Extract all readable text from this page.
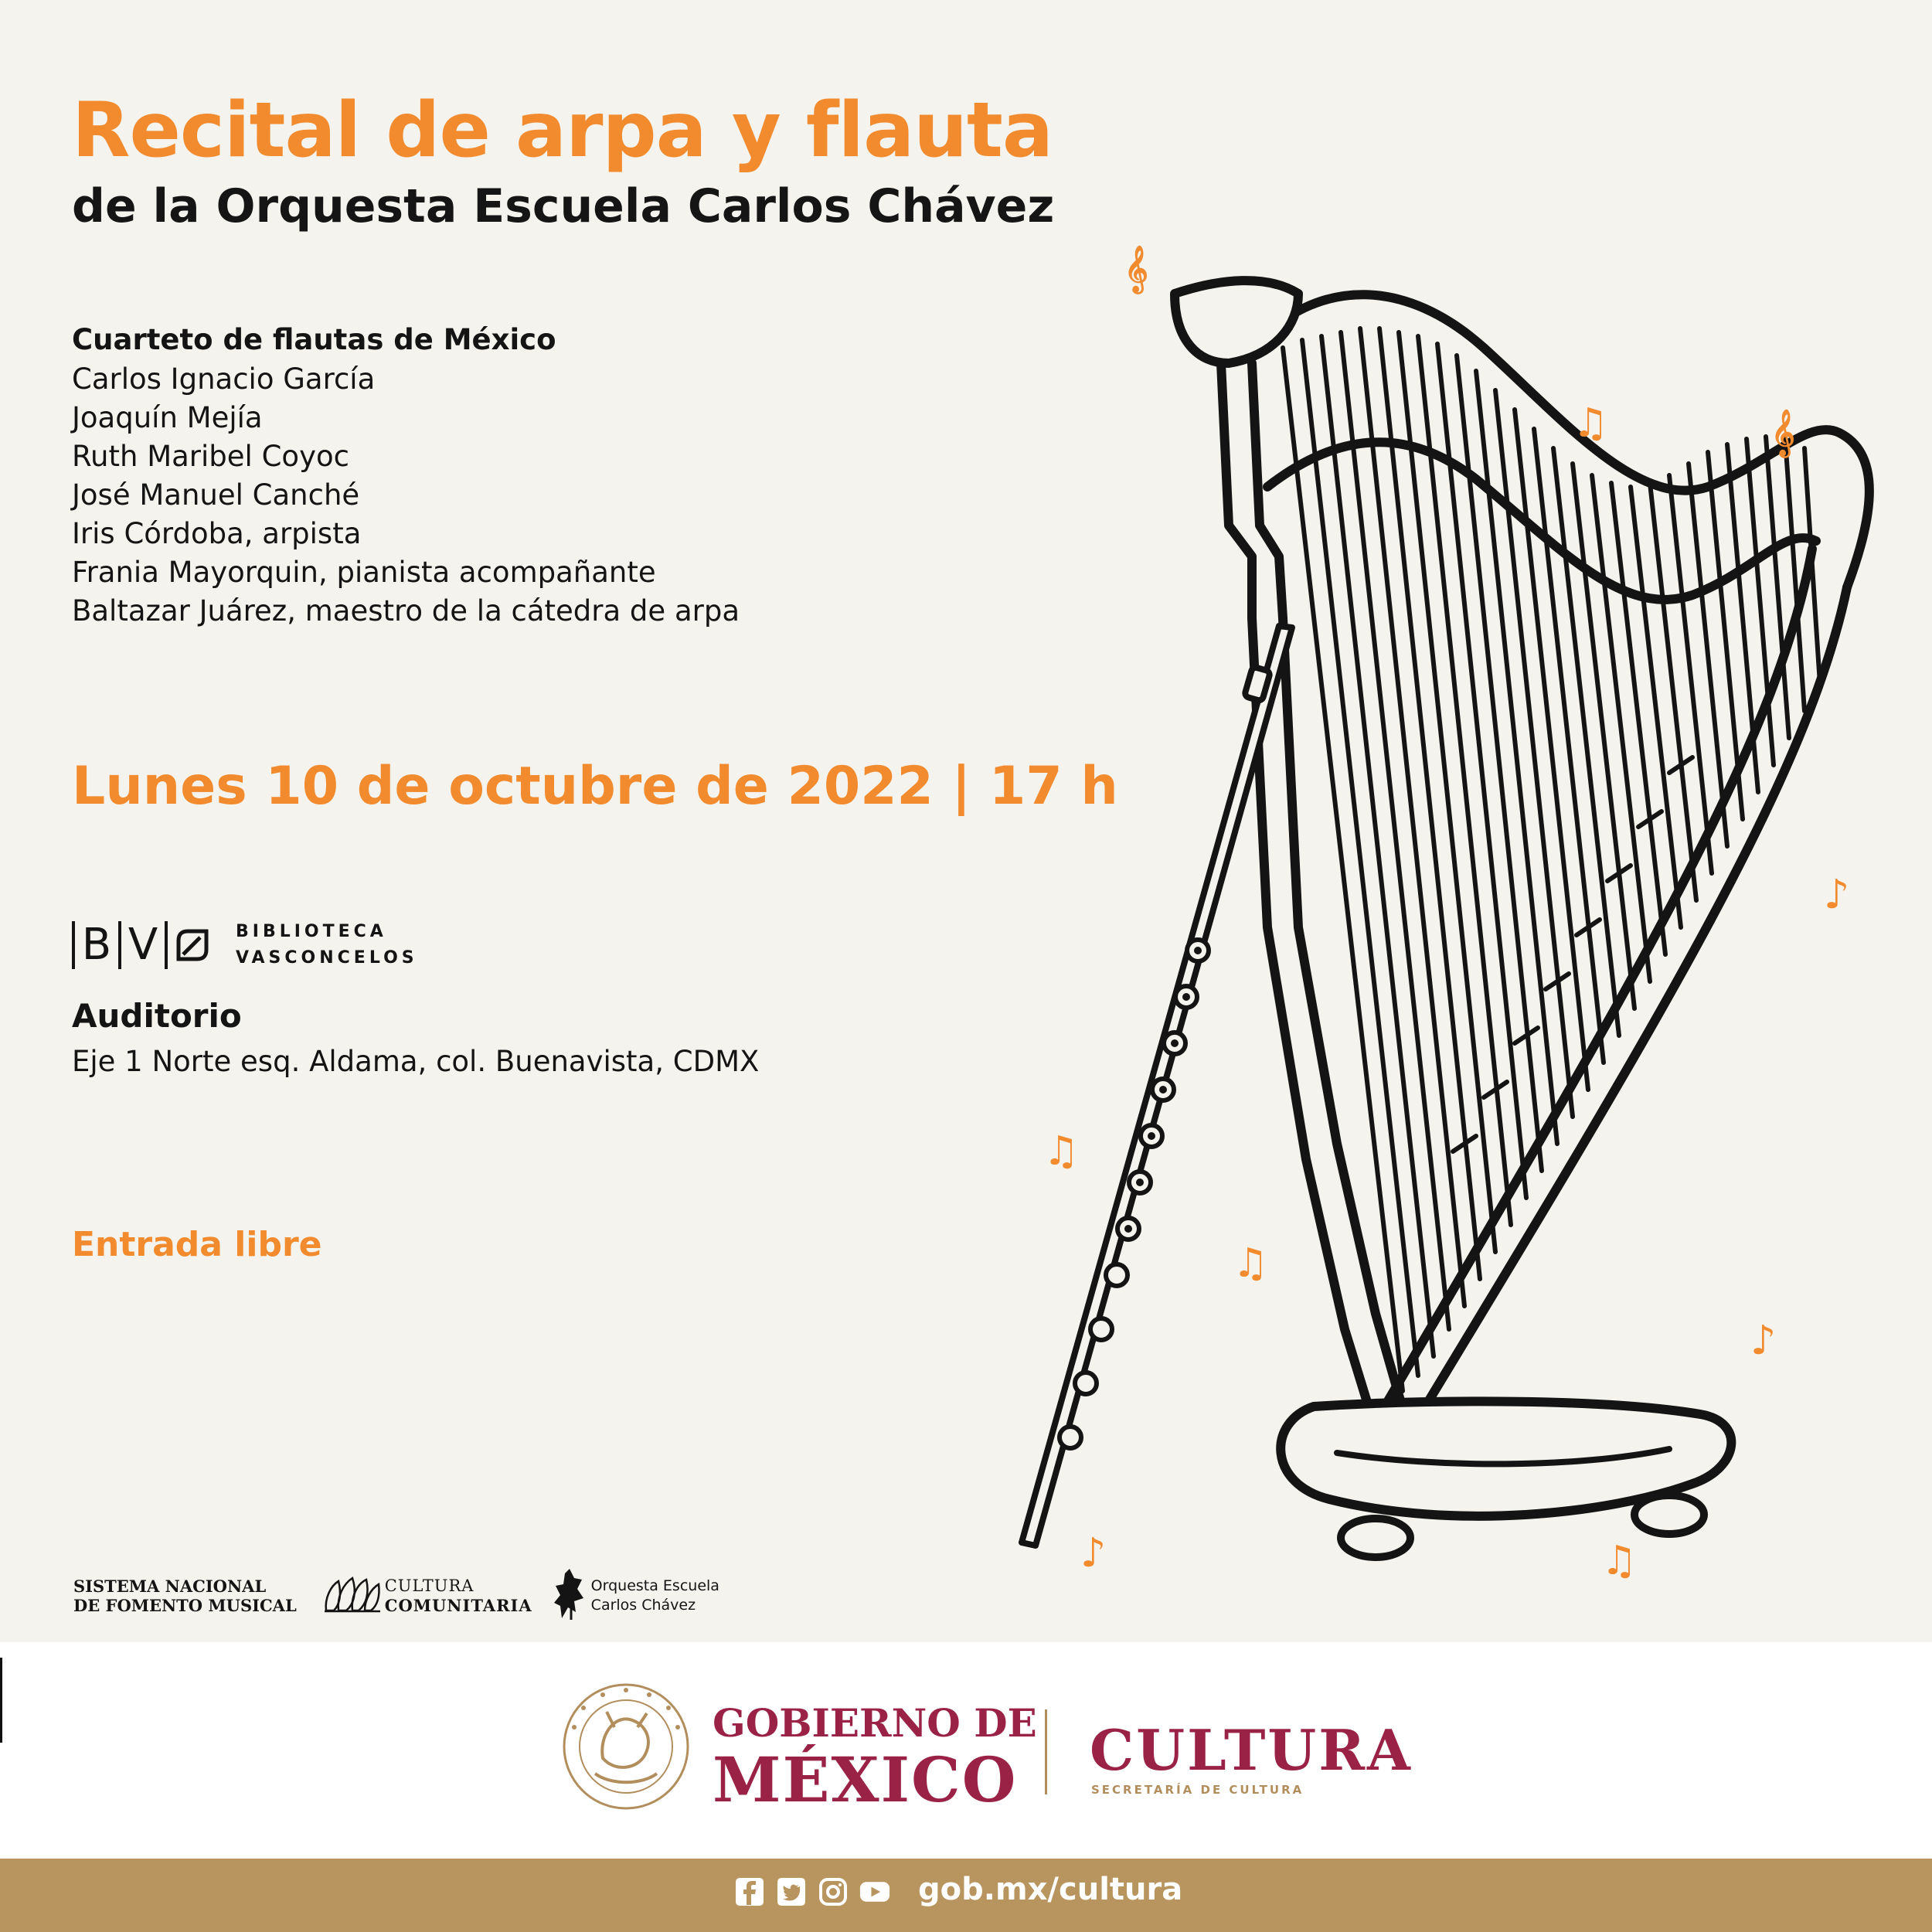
Recital de arpa y flauta
de la Orquesta Escuela Carlos Chávez
Cuarteto de flautas de México
Carlos Ignacio García
Joaquín Mejía
Ruth Maribel Coyoc
José Manuel Canché
Iris Córdoba, arpista
Frania Mayorquin, pianista acompañante
Baltazar Juárez, maestro de la cátedra de arpa
Lunes 10 de octubre de 2022 | 17 h
B V	BIBLIOTECA
VASCONCELOS
Auditorio
Eje 1 Norte esq. Aldama, col. Buenavista, CDMX
Entrada libre
𝄞
♫	𝄞
♪
♫
♫
♪
♪	♫
SISTEMA NACIONAL
DE FOMENTO MUSICAL
CULTURA
COMUNITARIA
Orquesta Escuela
Carlos Chávez
GOBIERNO DE
MÉXICO	CULTURA
SECRETARÍA DE CULTURA
gob.mx/cultura
